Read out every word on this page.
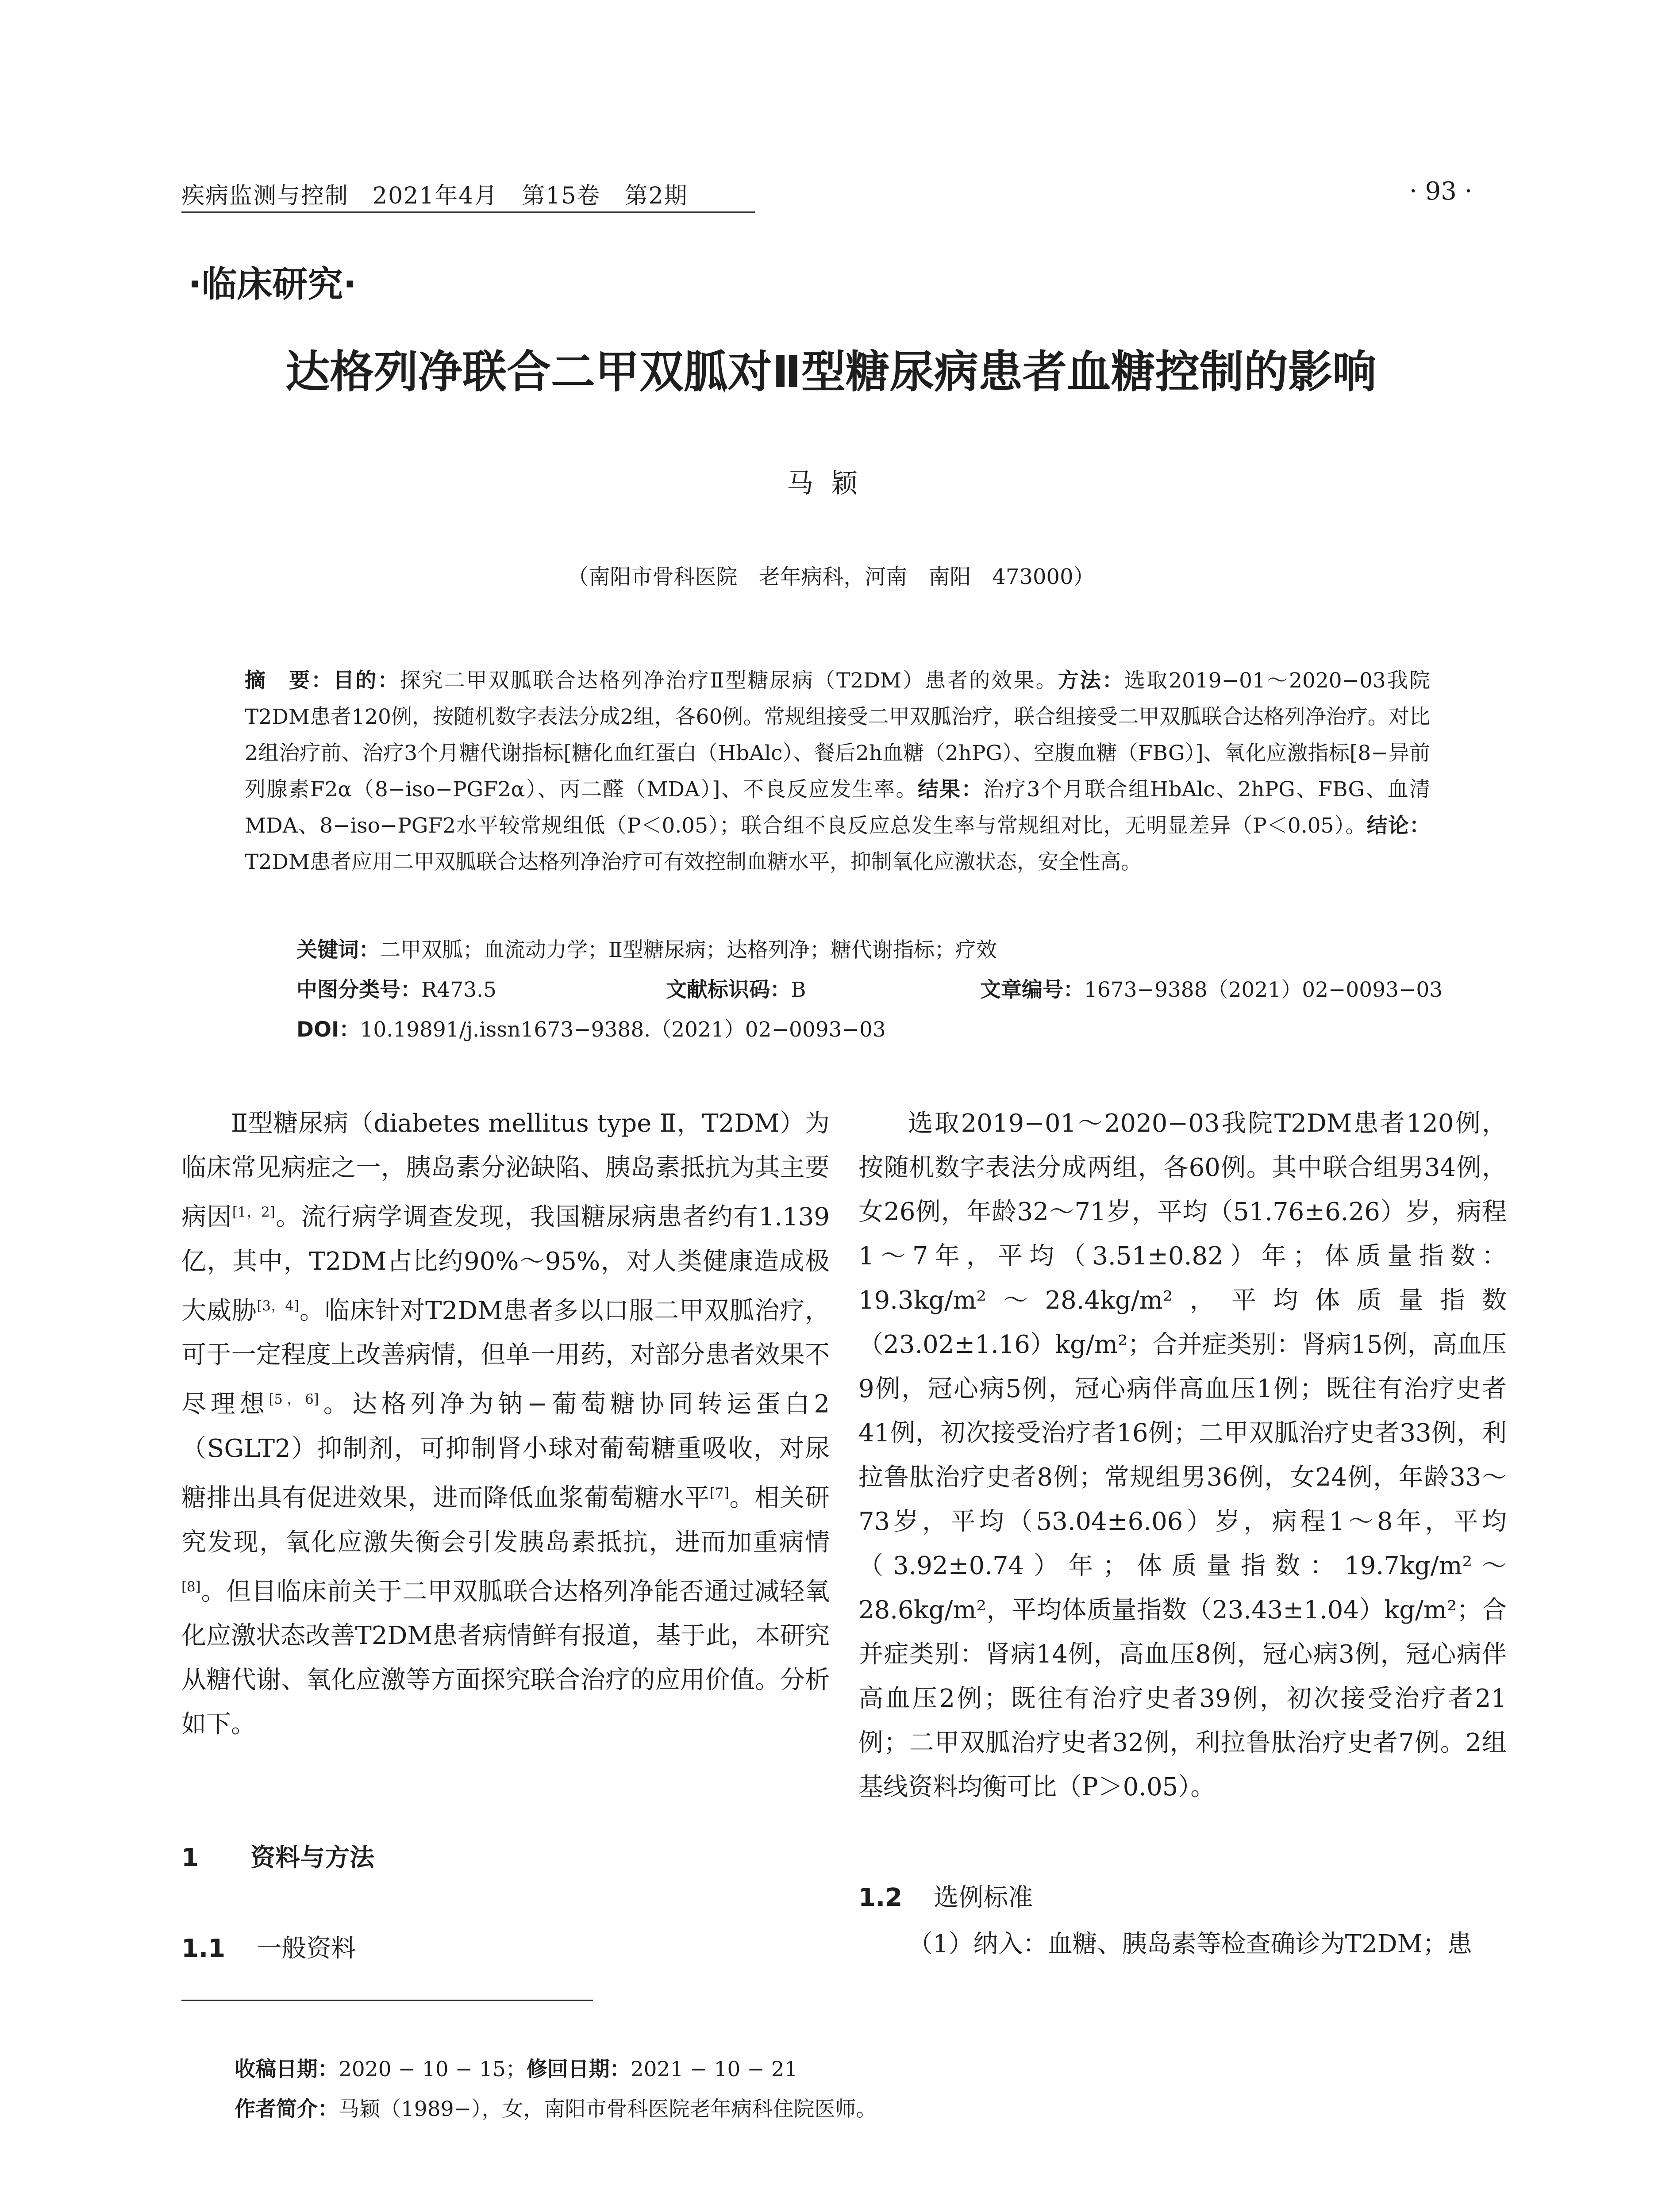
疾病监测与控制　2021年4月　第15卷　第2期	· 93 ·
·临床研究·
达格列净联合二甲双胍对Ⅱ型糖尿病患者血糖控制的影响
马颖
（南阳市骨科医院　老年病科，河南　南阳　473000）
摘　要：目的：探究二甲双胍联合达格列净治疗Ⅱ型糖尿病（T2DM）患者的效果。方法：选取2019−01～2020−03我院T2DM患者120例，按随机数字表法分成2组，各60例。常规组接受二甲双胍治疗，联合组接受二甲双胍联合达格列净治疗。对比2组治疗前、治疗3个月糖代谢指标[糖化血红蛋白（HbAlc）、餐后2h血糖（2hPG）、空腹血糖（FBG）]、氧化应激指标[8−异前列腺素F2α（8−iso−PGF2α）、丙二醛（MDA）]、不良反应发生率。结果：治疗3个月联合组HbAlc、2hPG、FBG、血清MDA、8−iso−PGF2水平较常规组低（P＜0.05）；联合组不良反应总发生率与常规组对比，无明显差异（P＜0.05）。结论：T2DM患者应用二甲双胍联合达格列净治疗可有效控制血糖水平，抑制氧化应激状态，安全性高。
关键词：二甲双胍；血流动力学；Ⅱ型糖尿病；达格列净；糖代谢指标；疗效
中图分类号：R473.5	文献标识码：B	文章编号：1673−9388（2021）02−0093−03
DOI：10.19891/j.issn1673−9388.（2021）02−0093−03

Ⅱ型糖尿病（diabetes mellitus type Ⅱ，T2DM）为临床常见病症之一，胰岛素分泌缺陷、胰岛素抵抗为其主要病因[1，2]。流行病学调查发现，我国糖尿病患者约有1.139亿，其中，T2DM占比约90%～95%，对人类健康造成极大威胁[3，4]。临床针对T2DM患者多以口服二甲双胍治疗，可于一定程度上改善病情，但单一用药，对部分患者效果不尽理想[5，6]。达格列净为钠−葡萄糖协同转运蛋白2（SGLT2）抑制剂，可抑制肾小球对葡萄糖重吸收，对尿糖排出具有促进效果，进而降低血浆葡萄糖水平[7]。相关研究发现，氧化应激失衡会引发胰岛素抵抗，进而加重病情[8]。但目临床前关于二甲双胍联合达格列净能否通过减轻氧化应激状态改善T2DM患者病情鲜有报道，基于此，本研究从糖代谢、氧化应激等方面探究联合治疗的应用价值。分析如下。

1 资料与方法
1.1 一般资料

选取2019−01～2020−03我院T2DM患者120例，按随机数字表法分成两组，各60例。其中联合组男34例，女26例，年龄32～71岁，平均（51.76±6.26）岁，病程1～7年，平均（3.51±0.82）年；体质量指数：19.3kg/m²～28.4kg/m²，平均体质量指数（23.02±1.16）kg/m²；合并症类别：肾病15例，高血压9例，冠心病5例，冠心病伴高血压1例；既往有治疗史者41例，初次接受治疗者16例；二甲双胍治疗史者33例，利拉鲁肽治疗史者8例；常规组男36例，女24例，年龄33～73岁，平均（53.04±6.06）岁，病程1～8年，平均（3.92±0.74）年；体质量指数：19.7kg/m²～28.6kg/m²，平均体质量指数（23.43±1.04）kg/m²；合并症类别：肾病14例，高血压8例，冠心病3例，冠心病伴高血压2例；既往有治疗史者39例，初次接受治疗者21例；二甲双胍治疗史者32例，利拉鲁肽治疗史者7例。2组基线资料均衡可比（P＞0.05）。

1.2 选例标准

（1）纳入：血糖、胰岛素等检查确诊为T2DM；患

收稿日期：2020 − 10 − 15；修回日期：2021 − 10 − 21
作者简介：马颖（1989−），女，南阳市骨科医院老年病科住院医师。
